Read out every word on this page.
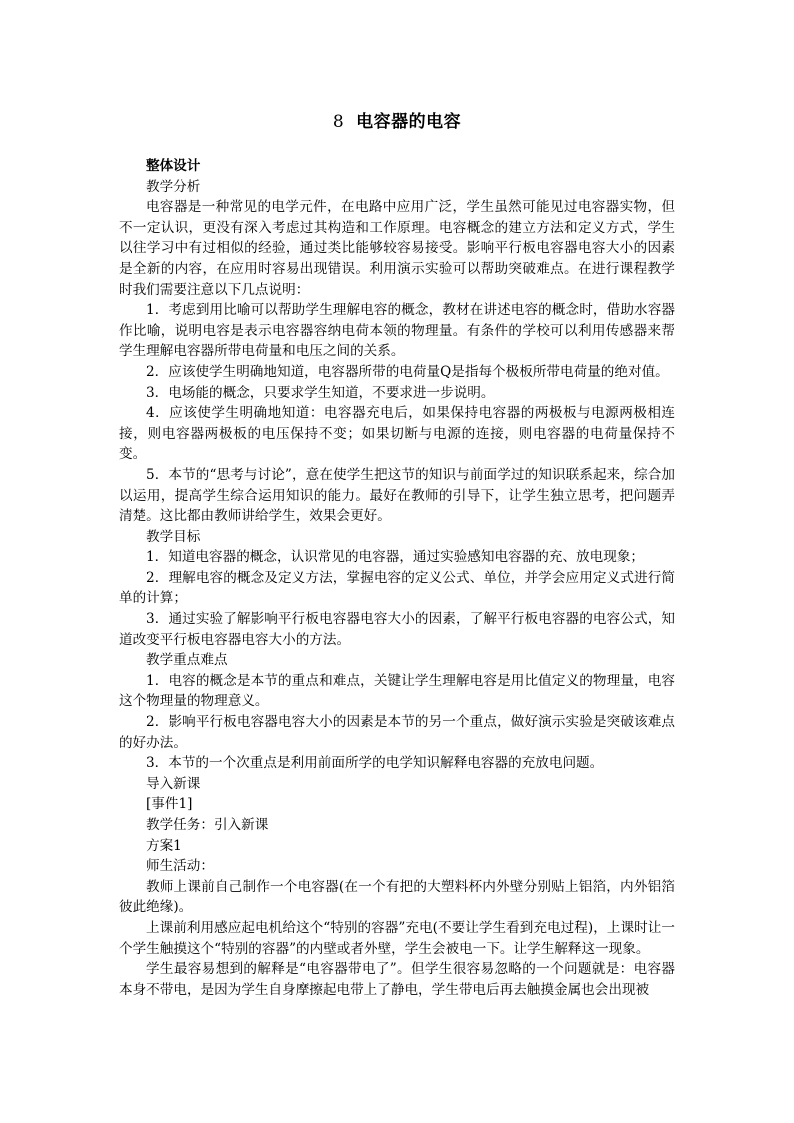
8 电容器的电容

整体设计

教学分析

电容器是一种常见的电学元件，在电路中应用广泛，学生虽然可能见过电容器实物，但不一定认识，更没有深入考虑过其构造和工作原理。电容概念的建立方法和定义方式，学生以往学习中有过相似的经验，通过类比能够较容易接受。影响平行板电容器电容大小的因素是全新的内容，在应用时容易出现错误。利用演示实验可以帮助突破难点。在进行课程教学时我们需要注意以下几点说明：

1．考虑到用比喻可以帮助学生理解电容的概念，教材在讲述电容的概念时，借助水容器作比喻，说明电容是表示电容器容纳电荷本领的物理量。有条件的学校可以利用传感器来帮学生理解电容器所带电荷量和电压之间的关系。

2．应该使学生明确地知道，电容器所带的电荷量Q是指每个极板所带电荷量的绝对值。

3．电场能的概念，只要求学生知道，不要求进一步说明。

4．应该使学生明确地知道：电容器充电后，如果保持电容器的两极板与电源两极相连接，则电容器两极板的电压保持不变；如果切断与电源的连接，则电容器的电荷量保持不变。

5．本节的“思考与讨论”，意在使学生把这节的知识与前面学过的知识联系起来，综合加以运用，提高学生综合运用知识的能力。最好在教师的引导下，让学生独立思考，把问题弄清楚。这比都由教师讲给学生，效果会更好。

教学目标

1．知道电容器的概念，认识常见的电容器，通过实验感知电容器的充、放电现象；

2．理解电容的概念及定义方法，掌握电容的定义公式、单位，并学会应用定义式进行简单的计算；

3．通过实验了解影响平行板电容器电容大小的因素，了解平行板电容器的电容公式，知道改变平行板电容器电容大小的方法。

教学重点难点

1．电容的概念是本节的重点和难点，关键让学生理解电容是用比值定义的物理量，电容这个物理量的物理意义。

2．影响平行板电容器电容大小的因素是本节的另一个重点，做好演示实验是突破该难点的好办法。

3．本节的一个次重点是利用前面所学的电学知识解释电容器的充放电问题。

导入新课

[事件1]

教学任务：引入新课

方案1

师生活动：

教师上课前自己制作一个电容器(在一个有把的大塑料杯内外壁分别贴上铝箔，内外铝箔彼此绝缘)。

上课前利用感应起电机给这个“特别的容器”充电(不要让学生看到充电过程)，上课时让一个学生触摸这个“特别的容器”的内壁或者外壁，学生会被电一下。让学生解释这一现象。

学生最容易想到的解释是“电容器带电了”。但学生很容易忽略的一个问题就是：电容器本身不带电，是因为学生自身摩擦起电带上了静电，学生带电后再去触摸金属也会出现被
